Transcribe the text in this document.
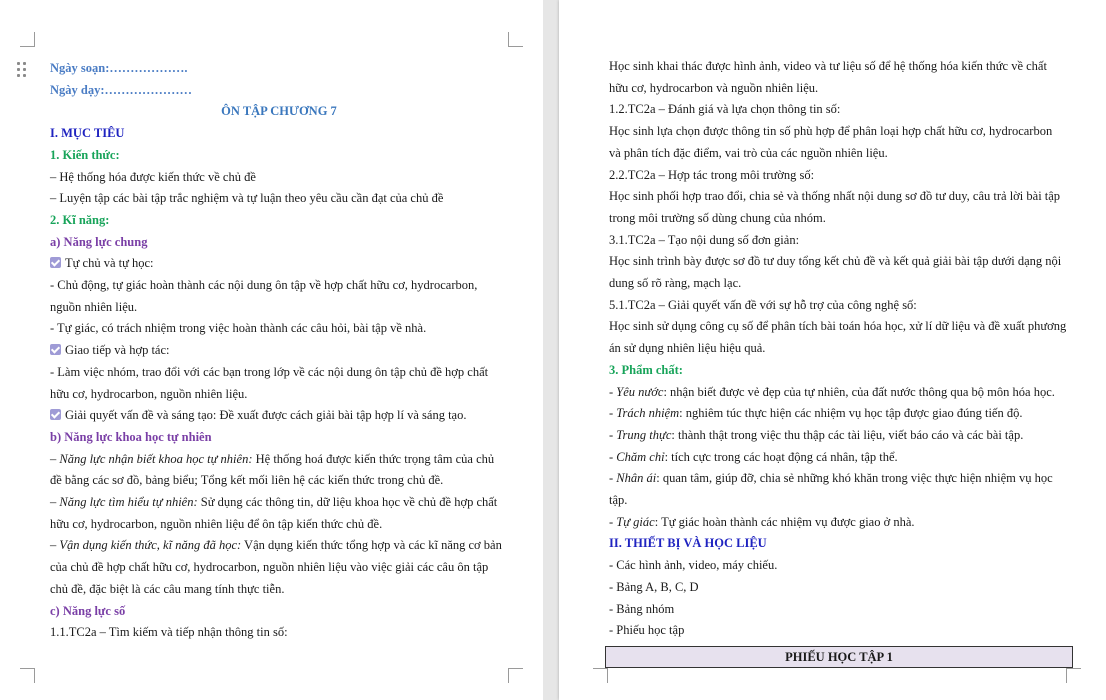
Ngày soạn:……………….
Ngày dạy:…………………
ÔN TẬP CHƯƠNG 7
I. MỤC TIÊU
1. Kiến thức:
– Hệ thống hóa được kiến thức về chủ đề
– Luyện tập các bài tập trắc nghiệm và tự luận theo yêu cầu cần đạt của chủ đề
2. Kĩ năng:
a) Năng lực chung
Tự chủ và tự học:
- Chủ động, tự giác hoàn thành các nội dung ôn tập về hợp chất hữu cơ, hydrocarbon,
nguồn nhiên liệu.
- Tự giác, có trách nhiệm trong việc hoàn thành các câu hỏi, bài tập về nhà.
Giao tiếp và hợp tác:
- Làm việc nhóm, trao đổi với các bạn trong lớp về các nội dung ôn tập chủ đề hợp chất
hữu cơ, hydrocarbon, nguồn nhiên liệu.
Giải quyết vấn đề và sáng tạo: Đề xuất được cách giải bài tập hợp lí và sáng tạo.
b) Năng lực khoa học tự nhiên
– Năng lực nhận biết khoa học tự nhiên: Hệ thống hoá được kiến thức trọng tâm của chủ
đề bằng các sơ đồ, bảng biểu; Tổng kết mối liên hệ các kiến thức trong chủ đề.
– Năng lực tìm hiểu tự nhiên: Sử dụng các thông tin, dữ liệu khoa học về chủ đề hợp chất
hữu cơ, hydrocarbon, nguồn nhiên liệu để ôn tập kiến thức chủ đề.
– Vận dụng kiến thức, kĩ năng đã học: Vận dụng kiến thức tổng hợp và các kĩ năng cơ bản
của chủ đề hợp chất hữu cơ, hydrocarbon, nguồn nhiên liệu vào việc giải các câu ôn tập
chủ đề, đặc biệt là các câu mang tính thực tiễn.
c) Năng lực số
1.1.TC2a – Tìm kiếm và tiếp nhận thông tin số:
Học sinh khai thác được hình ảnh, video và tư liệu số để hệ thống hóa kiến thức về chất
hữu cơ, hydrocarbon và nguồn nhiên liệu.
1.2.TC2a – Đánh giá và lựa chọn thông tin số:
Học sinh lựa chọn được thông tin số phù hợp để phân loại hợp chất hữu cơ, hydrocarbon
và phân tích đặc điểm, vai trò của các nguồn nhiên liệu.
2.2.TC2a – Hợp tác trong môi trường số:
Học sinh phối hợp trao đổi, chia sẻ và thống nhất nội dung sơ đồ tư duy, câu trả lời bài tập
trong môi trường số dùng chung của nhóm.
3.1.TC2a – Tạo nội dung số đơn giản:
Học sinh trình bày được sơ đồ tư duy tổng kết chủ đề và kết quả giải bài tập dưới dạng nội
dung số rõ ràng, mạch lạc.
5.1.TC2a – Giải quyết vấn đề với sự hỗ trợ của công nghệ số:
Học sinh sử dụng công cụ số để phân tích bài toán hóa học, xử lí dữ liệu và đề xuất phương
án sử dụng nhiên liệu hiệu quả.
3. Phẩm chất:
- Yêu nước: nhận biết được vẻ đẹp của tự nhiên, của đất nước thông qua bộ môn hóa học.
- Trách nhiệm: nghiêm túc thực hiện các nhiệm vụ học tập được giao đúng tiến độ.
- Trung thực: thành thật trong việc thu thập các tài liệu, viết báo cáo và các bài tập.
- Chăm chỉ: tích cực trong các hoạt động cá nhân, tập thể.
- Nhân ái: quan tâm, giúp đỡ, chia sẻ những khó khăn trong việc thực hiện nhiệm vụ học
tập.
- Tự giác: Tự giác hoàn thành các nhiệm vụ được giao ở nhà.
II. THIẾT BỊ VÀ HỌC LIỆU
- Các hình ảnh, video, máy chiếu.
- Bảng A, B, C, D
- Bảng nhóm
- Phiếu học tập
PHIẾU HỌC TẬP 1
